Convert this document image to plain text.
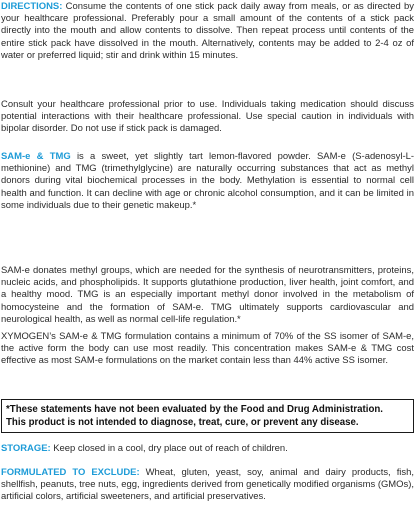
DIRECTIONS: Consume the contents of one stick pack daily away from meals, or as directed by your healthcare professional. Preferably pour a small amount of the contents of a stick pack directly into the mouth and allow contents to dissolve. Then repeat process until contents of the entire stick pack have dissolved in the mouth. Alternatively, contents may be added to 2-4 oz of water or preferred liquid; stir and drink within 15 minutes.

Consult your healthcare professional prior to use. Individuals taking medication should discuss potential interactions with their healthcare professional. Use special caution in individuals with bipolar disorder. Do not use if stick pack is damaged.

SAM-e & TMG is a sweet, yet slightly tart lemon-flavored powder. SAM-e (S-adenosyl-L-methionine) and TMG (trimethylglycine) are naturally occurring substances that act as methyl donors during vital biochemical processes in the body. Methylation is essential to normal cell health and function. It can decline with age or chronic alcohol consumption, and it can be limited in some individuals due to their genetic makeup.*

SAM-e donates methyl groups, which are needed for the synthesis of neurotransmitters, proteins, nucleic acids, and phospholipids. It supports glutathione production, liver health, joint comfort, and a healthy mood. TMG is an especially important methyl donor involved in the metabolism of homocysteine and the formation of SAM-e. TMG ultimately supports cardiovascular and neurological health, as well as normal cell-life regulation.*

XYMOGEN’s SAM-e & TMG formulation contains a minimum of 70% of the SS isomer of SAM-e, the active form the body can use most readily. This concentration makes SAM-e & TMG cost effective as most SAM-e formulations on the market contain less than 44% active SS isomer.

*These statements have not been evaluated by the Food and Drug Administration.
This product is not intended to diagnose, treat, cure, or prevent any disease.

STORAGE: Keep closed in a cool, dry place out of reach of children.

FORMULATED TO EXCLUDE: Wheat, gluten, yeast, soy, animal and dairy products, fish, shellfish, peanuts, tree nuts, egg, ingredients derived from genetically modified organisms (GMOs), artificial colors, artificial sweeteners, and artificial preservatives.
